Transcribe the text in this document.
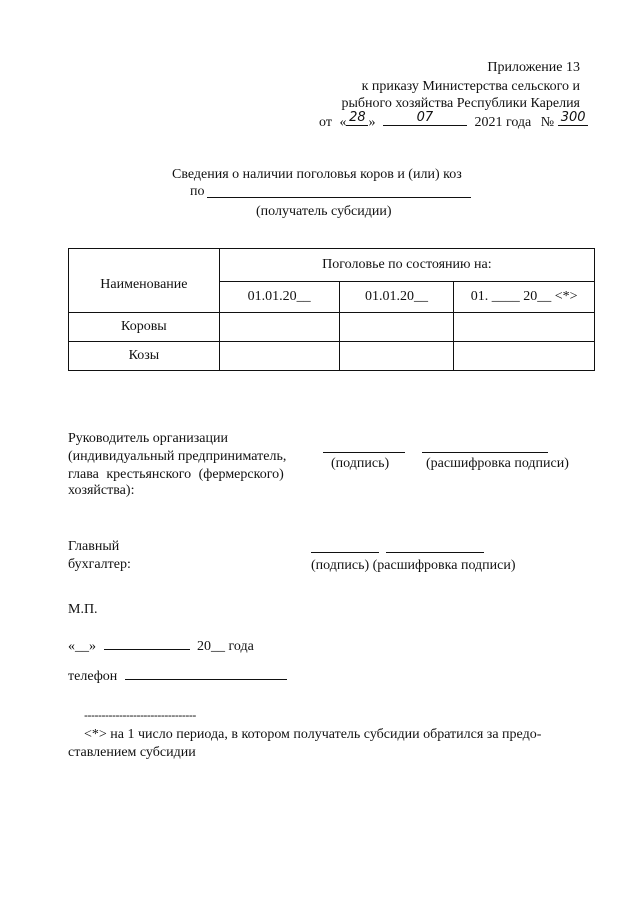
Приложение 13
к приказу Министерства сельского и
рыбного хозяйства Республики Карелия
от « 28 »	07	2021 года № 300
Сведения о наличии поголовья коров и (или) коз
по
(получатель субсидии)
Наименование	Поголовье по состоянию на:		
	01.01.20__	01.01.20__	01. ____ 20__ <*>
Коровы			
Козы			
Руководитель организации
(индивидуальный предприниматель,
глава крестьянского (фермерского)
хозяйства):
(подпись)	(расшифровка подписи)
Главный
бухгалтер:	(подпись) (расшифровка подписи)
М.П.
«__»	20__ года
телефон
--------------------------------
<*> на 1 число периода, в котором получатель субсидии обратился за предо-
ставлением субсидии
